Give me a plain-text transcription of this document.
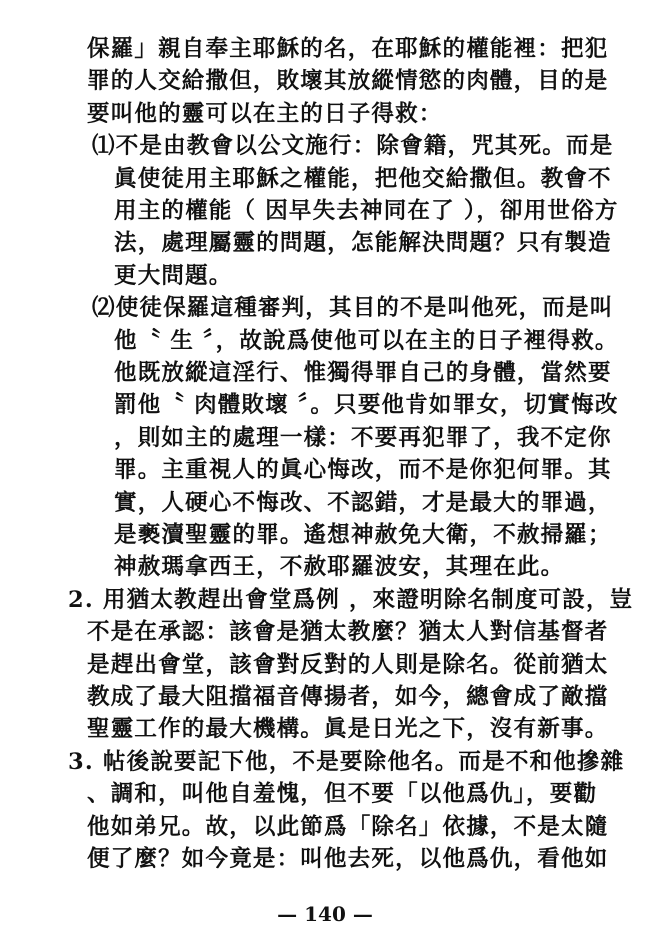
保羅」親自奉主耶穌的名，在耶穌的權能裡：把犯
罪的人交給撒但，敗壞其放縱情慾的肉體，目的是
要叫他的靈可以在主的日子得救：
⑴不是由教會以公文施行：除會籍，咒其死。而是
眞使徒用主耶穌之權能，把他交給撒但。教會不
用主的權能（ 因早失去神同在了 ），卻用世俗方
法，處理屬靈的問題，怎能解決問題？只有製造
更大問題。
⑵使徒保羅這種審判，其目的不是叫他死，而是叫
他〝 生 〞，故說爲使他可以在主的日子裡得救。
他既放縱這淫行、惟獨得罪自己的身體，當然要
罰他〝 肉體敗壞 〞。只要他肯如罪女，切實悔改
，則如主的處理一樣：不要再犯罪了，我不定你
罪。主重視人的眞心悔改，而不是你犯何罪。其
實，人硬心不悔改、不認錯，才是最大的罪過，
是褻瀆聖靈的罪。遙想神赦免大衛，不赦掃羅；
神赦瑪拿西王，不赦耶羅波安，其理在此。
2. 用猶太教趕出會堂爲例 ，來證明除名制度可設，豈
不是在承認：該會是猶太教麼？猶太人對信基督者
是趕出會堂，該會對反對的人則是除名。從前猶太
教成了最大阻擋福音傳揚者，如今，總會成了敵擋
聖靈工作的最大機構。眞是日光之下，沒有新事。
3. 帖後說要記下他，不是要除他名。而是不和他摻雜
、調和，叫他自羞愧，但不要「以他爲仇」，要勸
他如弟兄。故，以此節爲「除名」依據，不是太隨
便了麼？如今竟是：叫他去死，以他爲仇，看他如
— 140 —
